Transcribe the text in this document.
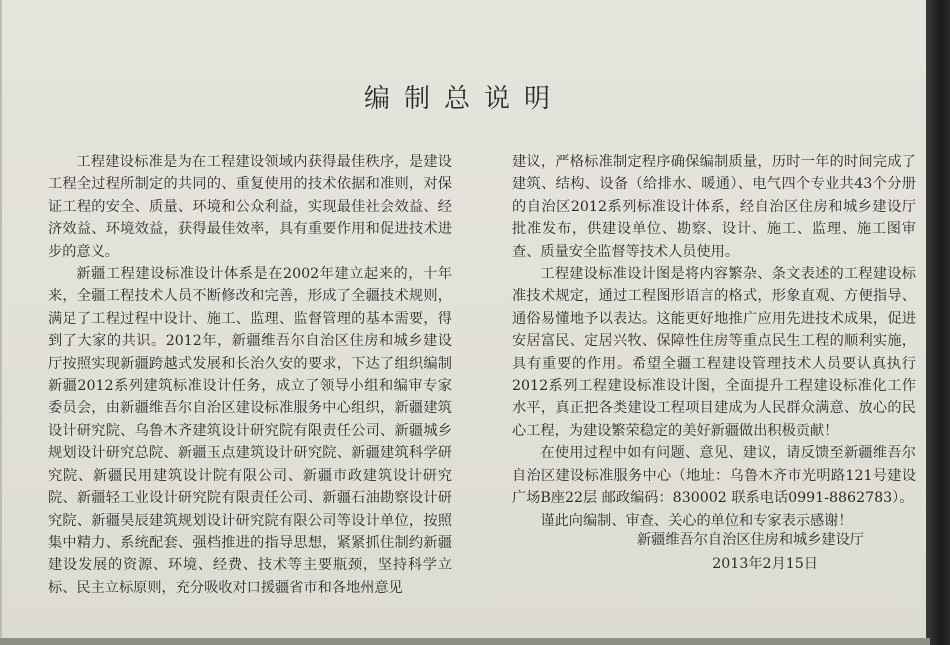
编制总说明

工程建设标准是为在工程建设领域内获得最佳秩序，是建设工程全过程所制定的共同的、重复使用的技术依据和准则，对保证工程的安全、质量、环境和公众利益，实现最佳社会效益、经济效益、环境效益，获得最佳效率，具有重要作用和促进技术进步的意义。

新疆工程建设标准设计体系是在2002年建立起来的，十年来，全疆工程技术人员不断修改和完善，形成了全疆技术规则，满足了工程过程中设计、施工、监理、监督管理的基本需要，得到了大家的共识。2012年，新疆维吾尔自治区住房和城乡建设厅按照实现新疆跨越式发展和长治久安的要求，下达了组织编制新疆2012系列建筑标准设计任务，成立了领导小组和编审专家委员会，由新疆维吾尔自治区建设标准服务中心组织，新疆建筑设计研究院、乌鲁木齐建筑设计研究院有限责任公司、新疆城乡规划设计研究总院、新疆玉点建筑设计研究院、新疆建筑科学研究院、新疆民用建筑设计院有限公司、新疆市政建筑设计研究院、新疆轻工业设计研究院有限责任公司、新疆石油勘察设计研究院、新疆昊辰建筑规划设计研究院有限公司等设计单位，按照集中精力、系统配套、强档推进的指导思想，紧紧抓住制约新疆建设发展的资源、环境、经费、技术等主要瓶颈，坚持科学立标、民主立标原则，充分吸收对口援疆省市和各地州意见

建议，严格标准制定程序确保编制质量，历时一年的时间完成了建筑、结构、设备（给排水、暖通）、电气四个专业共43个分册的自治区2012系列标准设计体系，经自治区住房和城乡建设厅批准发布，供建设单位、勘察、设计、施工、监理、施工图审查、质量安全监督等技术人员使用。

工程建设标准设计图是将内容繁杂、条文表述的工程建设标准技术规定，通过工程图形语言的格式，形象直观、方便指导、通俗易懂地予以表达。这能更好地推广应用先进技术成果，促进安居富民、定居兴牧、保障性住房等重点民生工程的顺利实施，具有重要的作用。希望全疆工程建设管理技术人员要认真执行2012系列工程建设标准设计图，全面提升工程建设标准化工作水平，真正把各类建设工程项目建成为人民群众满意、放心的民心工程，为建设繁荣稳定的美好新疆做出积极贡献！

在使用过程中如有问题、意见、建议，请反馈至新疆维吾尔自治区建设标准服务中心（地址：乌鲁木齐市光明路121号建设广场B座22层 邮政编码：830002 联系电话0991-8862783）。

谨此向编制、审查、关心的单位和专家表示感谢！

新疆维吾尔自治区住房和城乡建设厅
2013年2月15日
